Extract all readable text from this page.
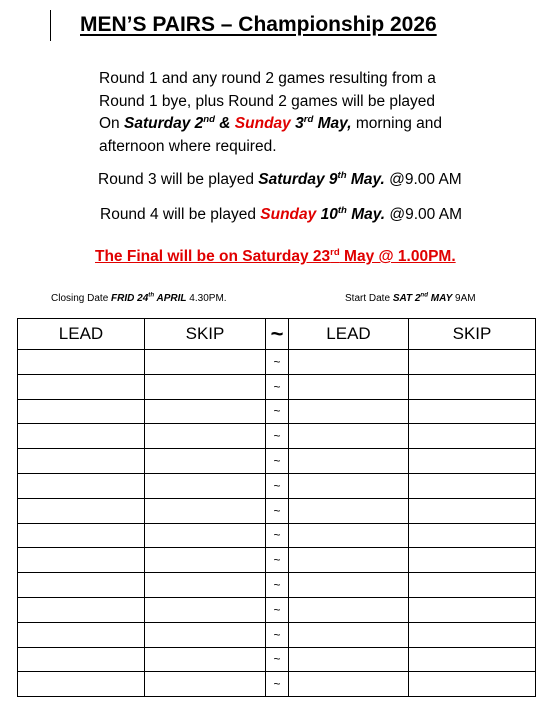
MEN’S PAIRS – Championship 2026
Round 1 and any round 2 games resulting from a
Round 1 bye, plus Round 2 games will be played
On Saturday 2nd & Sunday 3rd May, morning and
afternoon where required.
Round 3 will be played Saturday 9th May. @9.00 AM
Round 4 will be played Sunday 10th May. @9.00 AM
The Final will be on Saturday 23rd May @ 1.00PM.
Closing Date FRID 24th APRIL 4.30PM.	Start Date SAT 2nd MAY 9AM
LEAD	SKIP	~	LEAD	SKIP
		~		
		~		
		~		
		~		
		~		
		~		
		~		
		~		
		~		
		~		
		~		
		~		
		~		
		~		
